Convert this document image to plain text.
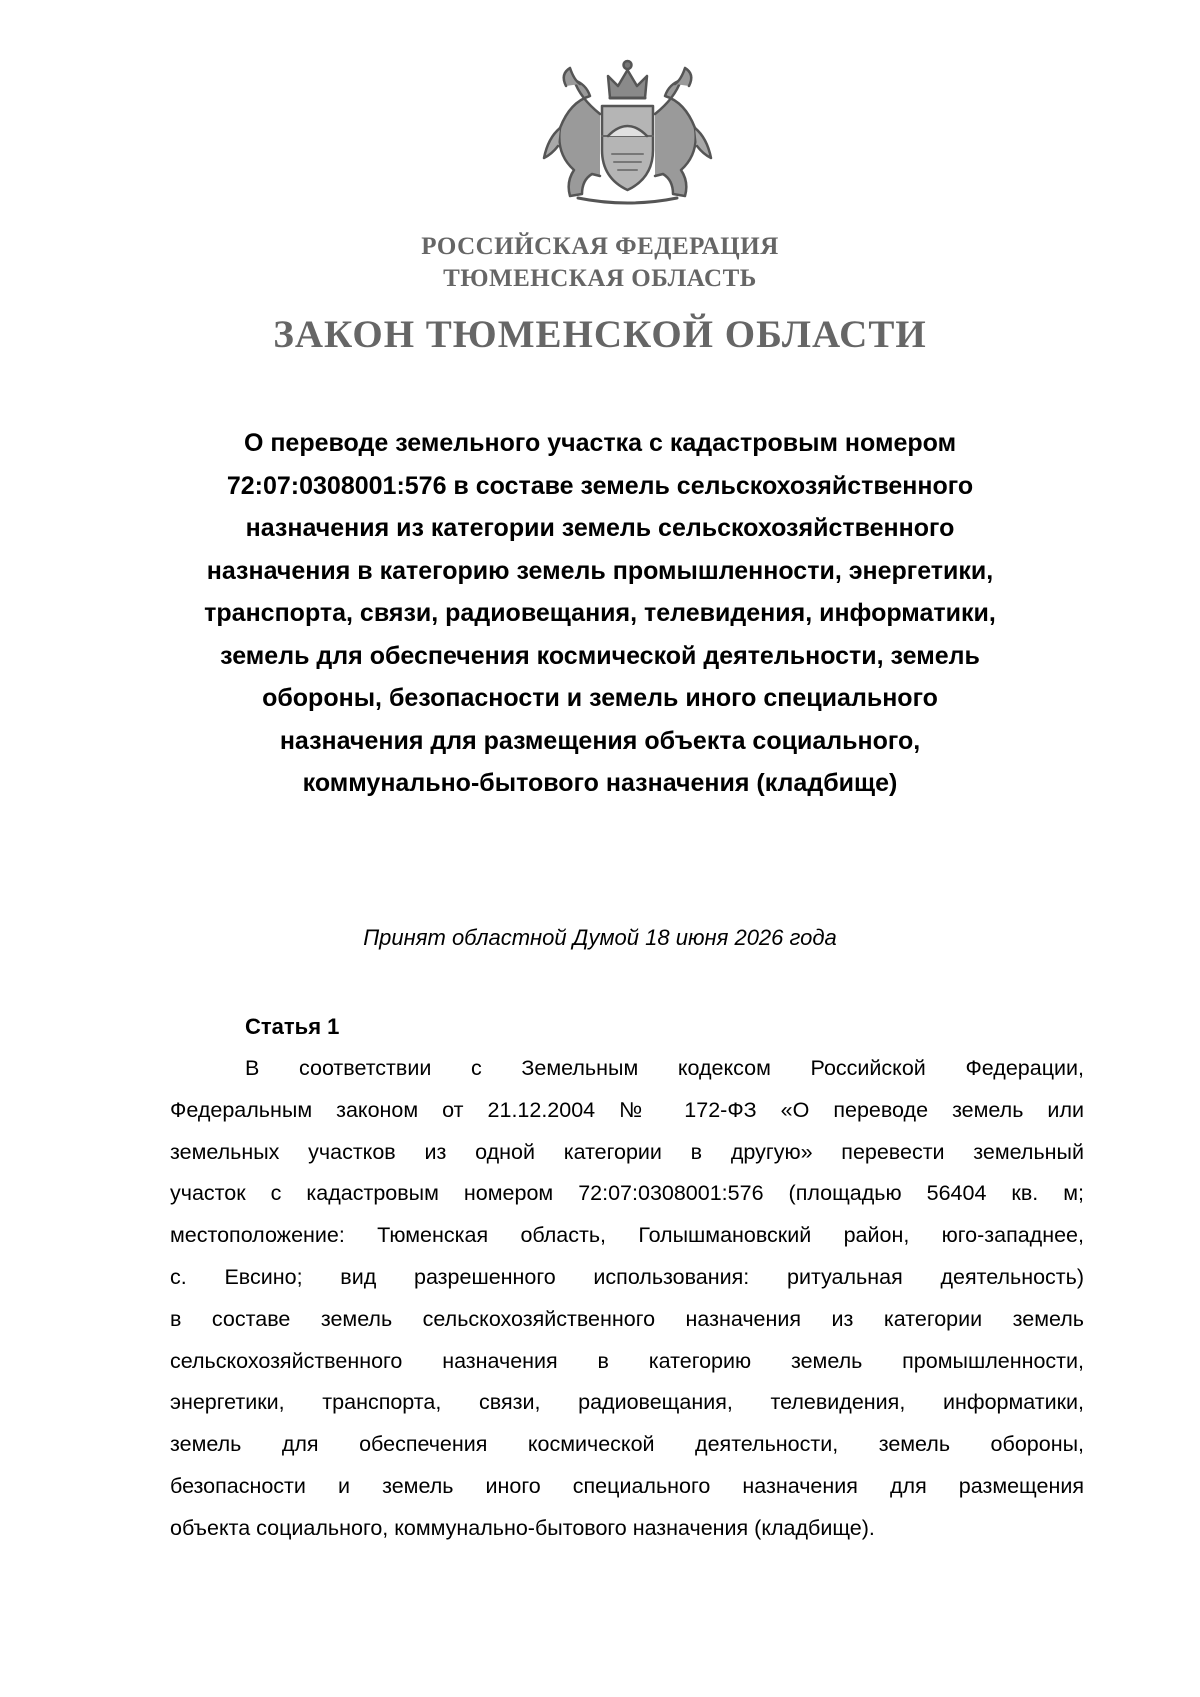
РОССИЙСКАЯ ФЕДЕРАЦИЯ
ТЮМЕНСКАЯ ОБЛАСТЬ
ЗАКОН ТЮМЕНСКОЙ ОБЛАСТИ
О переводе земельного участка с кадастровым номером
72:07:0308001:576 в составе земель сельскохозяйственного
назначения из категории земель сельскохозяйственного
назначения в категорию земель промышленности, энергетики,
транспорта, связи, радиовещания, телевидения, информатики,
земель для обеспечения космической деятельности, земель
обороны, безопасности и земель иного специального
назначения для размещения объекта социального,
коммунально-бытового назначения (кладбище)
Принят областной Думой 18 июня 2026 года
Статья 1
В соответствии с Земельным кодексом Российской Федерации,
Федеральным законом от 21.12.2004 № 172-ФЗ «О переводе земель или
земельных участков из одной категории в другую» перевести земельный
участок с кадастровым номером 72:07:0308001:576 (площадью 56404 кв. м;
местоположение: Тюменская область, Голышмановский район, юго-западнее,
с. Евсино; вид разрешенного использования: ритуальная деятельность)
в составе земель сельскохозяйственного назначения из категории земель
сельскохозяйственного назначения в категорию земель промышленности,
энергетики, транспорта, связи, радиовещания, телевидения, информатики,
земель для обеспечения космической деятельности, земель обороны,
безопасности и земель иного специального назначения для размещения
объекта социального, коммунально-бытового назначения (кладбище).
